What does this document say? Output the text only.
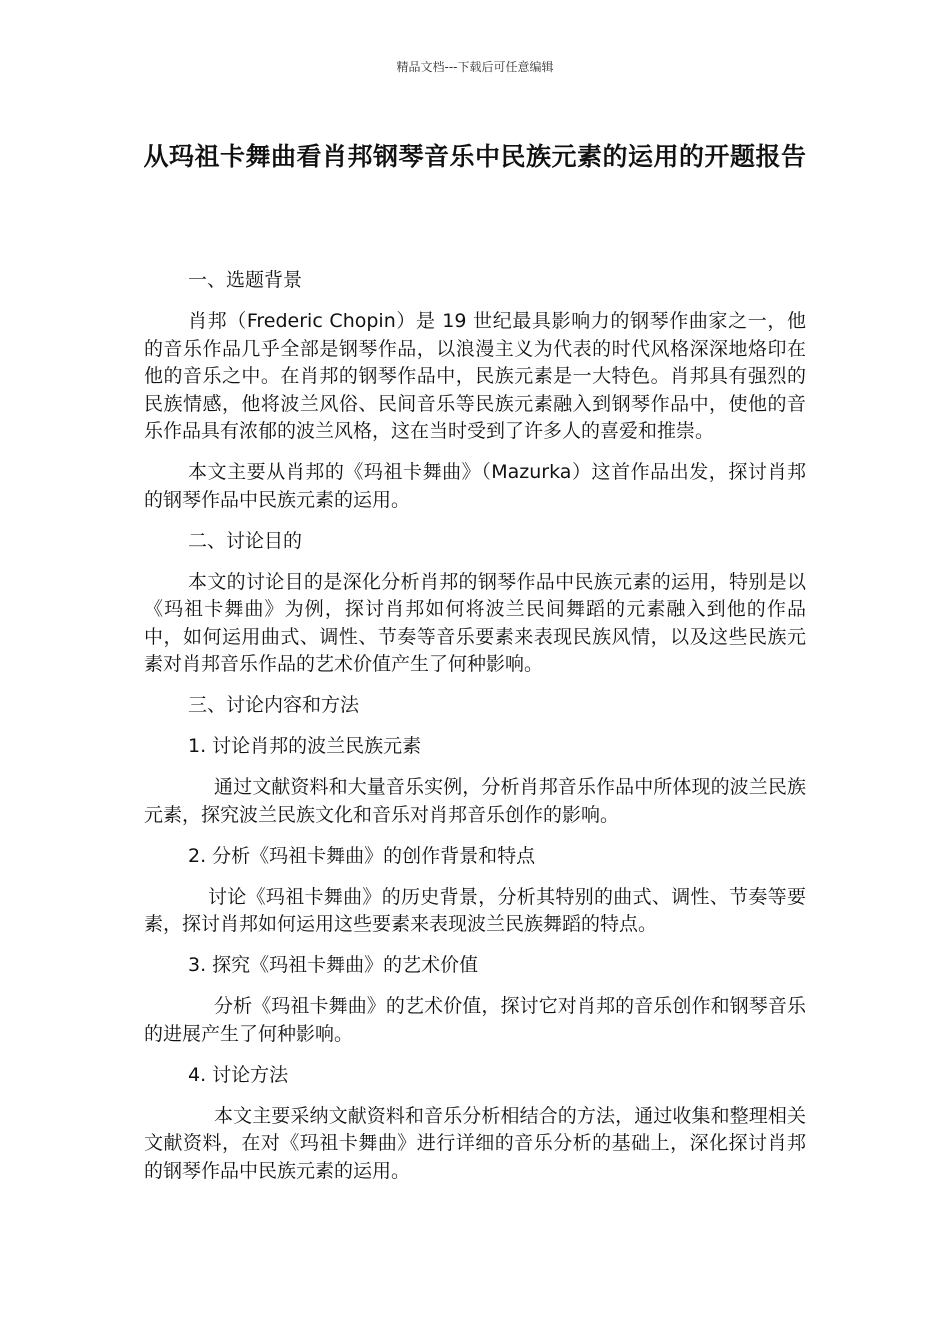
精品文档---下载后可任意编辑
从玛祖卡舞曲看肖邦钢琴音乐中民族元素的运用的开题报告

一、选题背景

肖邦（Frederic Chopin）是 19 世纪最具影响力的钢琴作曲家之一，他的音乐作品几乎全部是钢琴作品，以浪漫主义为代表的时代风格深深地烙印在他的音乐之中。在肖邦的钢琴作品中，民族元素是一大特色。肖邦具有强烈的民族情感，他将波兰风俗、民间音乐等民族元素融入到钢琴作品中，使他的音乐作品具有浓郁的波兰风格，这在当时受到了许多人的喜爱和推崇。

本文主要从肖邦的《玛祖卡舞曲》（Mazurka）这首作品出发，探讨肖邦的钢琴作品中民族元素的运用。

二、讨论目的

本文的讨论目的是深化分析肖邦的钢琴作品中民族元素的运用，特别是以《玛祖卡舞曲》为例，探讨肖邦如何将波兰民间舞蹈的元素融入到他的作品中，如何运用曲式、调性、节奏等音乐要素来表现民族风情，以及这些民族元素对肖邦音乐作品的艺术价值产生了何种影响。

三、讨论内容和方法

1. 讨论肖邦的波兰民族元素

通过文献资料和大量音乐实例，分析肖邦音乐作品中所体现的波兰民族元素，探究波兰民族文化和音乐对肖邦音乐创作的影响。

2. 分析《玛祖卡舞曲》的创作背景和特点

讨论《玛祖卡舞曲》的历史背景，分析其特别的曲式、调性、节奏等要素，探讨肖邦如何运用这些要素来表现波兰民族舞蹈的特点。

3. 探究《玛祖卡舞曲》的艺术价值

分析《玛祖卡舞曲》的艺术价值，探讨它对肖邦的音乐创作和钢琴音乐的进展产生了何种影响。

4. 讨论方法

本文主要采纳文献资料和音乐分析相结合的方法，通过收集和整理相关文献资料，在对《玛祖卡舞曲》进行详细的音乐分析的基础上，深化探讨肖邦的钢琴作品中民族元素的运用。
